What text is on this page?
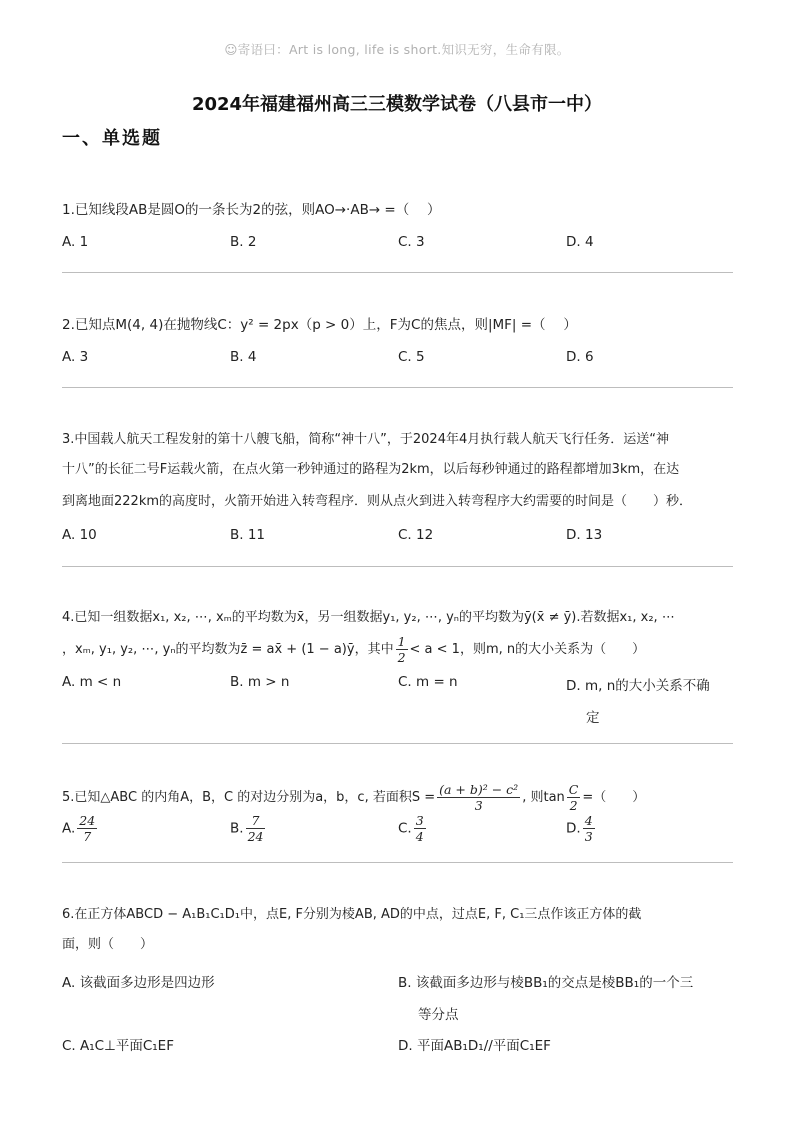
☺寄语曰：Art is long, life is short.知识无穷，生命有限。
2024年福建福州高三三模数学试卷（八县市一中）
一、单选题
1.已知线段AB是圆O的一条长为2的弦，则AO→·AB→ =（　 ）
A. 1	B. 2	C. 3	D. 4
2.已知点M(4, 4)在抛物线C：y² = 2px（p > 0）上，F为C的焦点，则|MF| =（　 ）
A. 3	B. 4	C. 5	D. 6
3.中国载人航天工程发射的第十八艘飞船，简称“神十八”，于2024年4月执行载人航天飞行任务．运送“神
十八”的长征二号F运载火箭，在点火第一秒钟通过的路程为2km，以后每秒钟通过的路程都增加3km，在达
到离地面222km的高度时，火箭开始进入转弯程序．则从点火到进入转弯程序大约需要的时间是（　　）秒．
A. 10	B. 11	C. 12	D. 13
4.已知一组数据x₁, x₂, ⋯, xₘ的平均数为x̄，另一组数据y₁, y₂, ⋯, yₙ的平均数为ȳ(x̄ ≠ ȳ).若数据x₁, x₂, ⋯
，xₘ, y₁, y₂, ⋯, yₙ的平均数为z̄ = ax̄ + (1 − a)ȳ，其中 $\frac{1}{2} < a < 1$，则m, n的大小关系为（　　）
A. m < n	B. m > n	C. m = n	D. m, n的大小关系不确
定
5.已知△ABC 的内角A，B，C 的对边分别为a，b，c, 若面积$S = \frac{\text{(a + b)² − c²}}{3}$ , 则$\tan \frac{C}{2}$ =（　　）
A. $\frac{24}{7}$	B. $\frac{7}{24}$	C. $\frac{3}{4}$	D. $\frac{4}{3}$
6.在正方体ABCD − A₁B₁C₁D₁中，点E, F分别为棱AB, AD的中点，过点E, F, C₁三点作该正方体的截
面，则（　　）
A. 该截面多边形是四边形	B. 该截面多边形与棱BB₁的交点是棱BB₁的一个三
等分点
C. A₁C⊥平面C₁EF	D. 平面AB₁D₁//平面C₁EF
